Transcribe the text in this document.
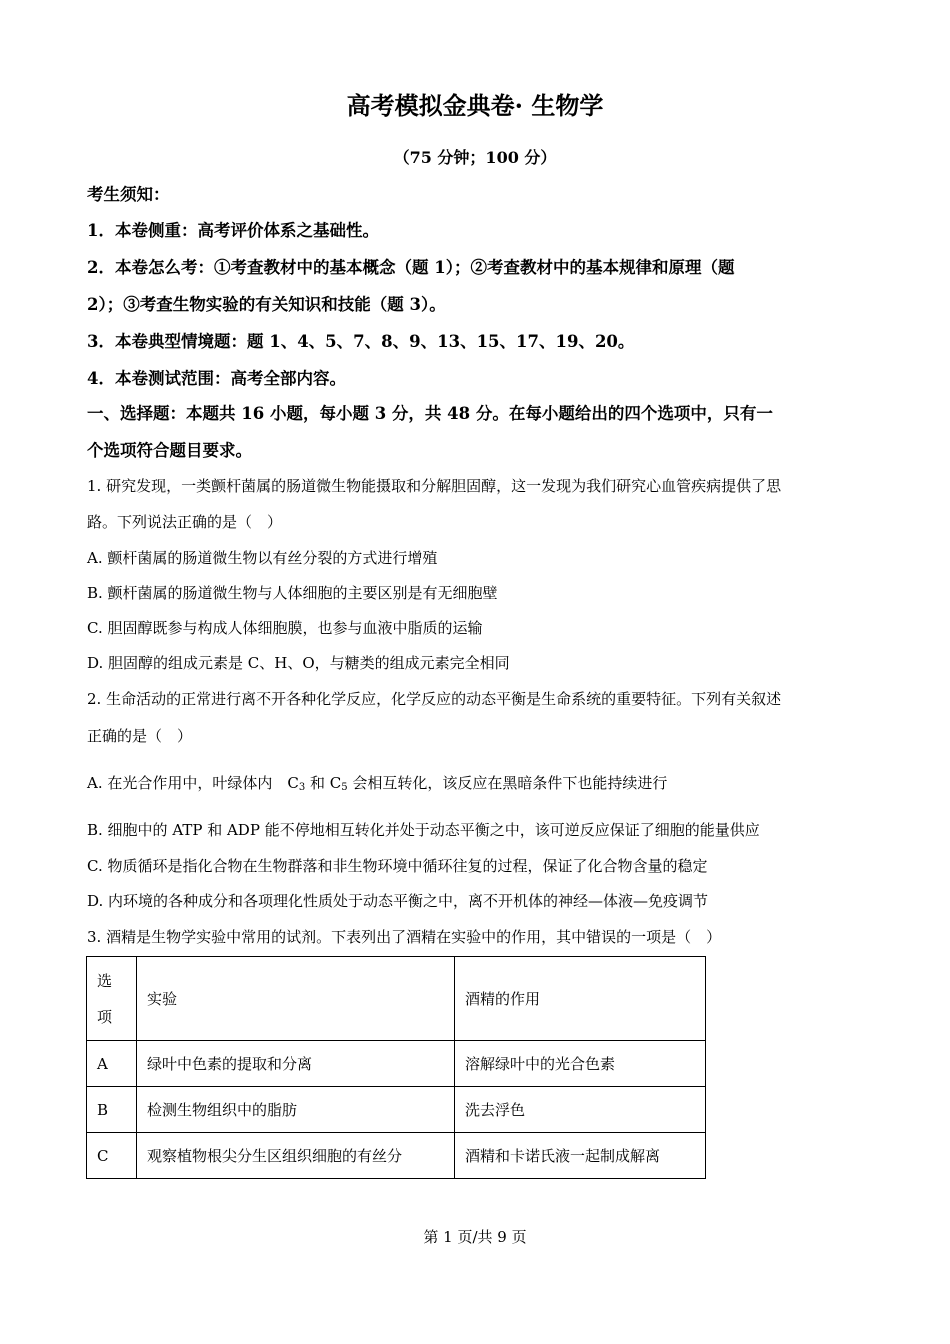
高考模拟金典卷· 生物学
（75 分钟；100 分）
考生须知：
1．本卷侧重：高考评价体系之基础性。
2．本卷怎么考：①考查教材中的基本概念（题 1）；②考查教材中的基本规律和原理（题
2）；③考查生物实验的有关知识和技能（题 3）。
3．本卷典型情境题：题 1、4、5、7、8、9、13、15、17、19、20。
4．本卷测试范围：高考全部内容。
一、选择题：本题共 16 小题，每小题 3 分，共 48 分。在每小题给出的四个选项中，只有一
个选项符合题目要求。
1. 研究发现，一类颤杆菌属的肠道微生物能摄取和分解胆固醇，这一发现为我们研究心血管疾病提供了思
路。下列说法正确的是（　）
A. 颤杆菌属的肠道微生物以有丝分裂的方式进行增殖
B. 颤杆菌属的肠道微生物与人体细胞的主要区别是有无细胞壁
C. 胆固醇既参与构成人体细胞膜，也参与血液中脂质的运输
D. 胆固醇的组成元素是 C、H、O，与糖类的组成元素完全相同
2. 生命活动的正常进行离不开各种化学反应，化学反应的动态平衡是生命系统的重要特征。下列有关叙述
正确的是（　）
A. 在光合作用中，叶绿体内　$C_3$ 和 $C_5$ 会相互转化，该反应在黑暗条件下也能持续进行
B. 细胞中的 ATP 和 ADP 能不停地相互转化并处于动态平衡之中，该可逆反应保证了细胞的能量供应
C. 物质循环是指化合物在生物群落和非生物环境中循环往复的过程，保证了化合物含量的稳定
D. 内环境的各种成分和各项理化性质处于动态平衡之中，离不开机体的神经—体液—免疫调节
3. 酒精是生物学实验中常用的试剂。下表列出了酒精在实验中的作用，其中错误的一项是（　）
选
项	实验	酒精的作用
A	绿叶中色素的提取和分离	溶解绿叶中的光合色素
B	检测生物组织中的脂肪	洗去浮色
C	观察植物根尖分生区组织细胞的有丝分	酒精和卡诺氏液一起制成解离
第 1 页/共 9 页
